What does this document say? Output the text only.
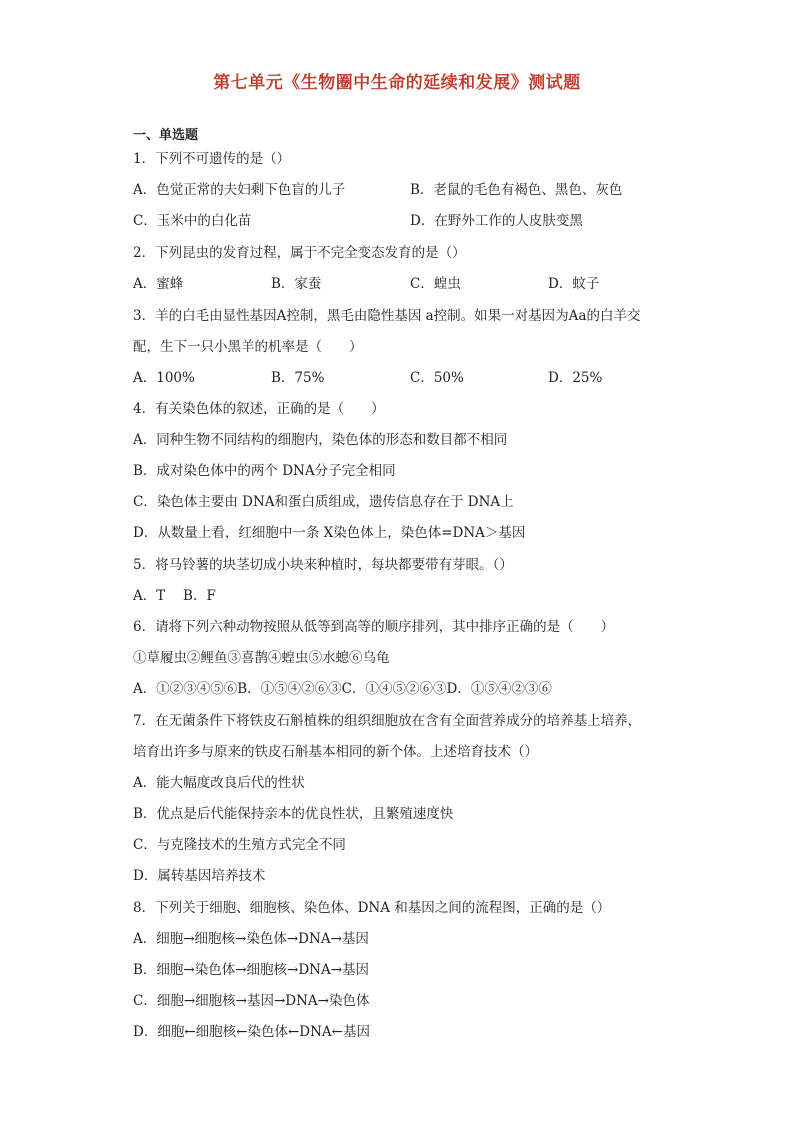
第七单元《生物圈中生命的延续和发展》测试题
一、单选题
1．下列不可遗传的是（）
A．色觉正常的夫妇剩下色盲的儿子	B．老鼠的毛色有褐色、黑色、灰色
C．玉米中的白化苗	D．在野外工作的人皮肤变黑
2．下列昆虫的发育过程，属于不完全变态发育的是（）
A．蜜蜂	B．家蚕	C．蝗虫	D．蚊子
3．羊的白毛由显性基因A控制，黑毛由隐性基因 a控制。如果一对基因为Aa的白羊交
配，生下一只小黑羊的机率是（　　）
A．100%	B．75%	C．50%	D．25%
4．有关染色体的叙述，正确的是（　　）
A．同种生物不同结构的细胞内，染色体的形态和数目都不相同
B．成对染色体中的两个 DNA分子完全相同
C．染色体主要由 DNA和蛋白质组成，遗传信息存在于 DNA上
D．从数量上看，红细胞中一条 X染色体上，染色体=DNA＞基因
5．将马铃薯的块茎切成小块来种植时，每块都要带有芽眼。（）
A．T　 B．F
6．请将下列六种动物按照从低等到高等的顺序排列，其中排序正确的是（　　）
①草履虫②鲤鱼③喜鹊④蝗虫⑤水螅⑥乌龟
A．①②③④⑤⑥B．①⑤④②⑥③C．①④⑤②⑥③D．①⑤④②③⑥
7．在无菌条件下将铁皮石斛植株的组织细胞放在含有全面营养成分的培养基上培养，
培育出许多与原来的铁皮石斛基本相同的新个体。上述培育技术（）
A．能大幅度改良后代的性状
B．优点是后代能保持亲本的优良性状，且繁殖速度快
C．与克隆技术的生殖方式完全不同
D．属转基因培养技术
8．下列关于细胞、细胞核、染色体、DNA 和基因之间的流程图，正确的是（）
A．细胞→细胞核→染色体→DNA→基因
B．细胞→染色体→细胞核→DNA→基因
C．细胞→细胞核→基因→DNA→染色体
D．细胞←细胞核←染色体←DNA←基因
